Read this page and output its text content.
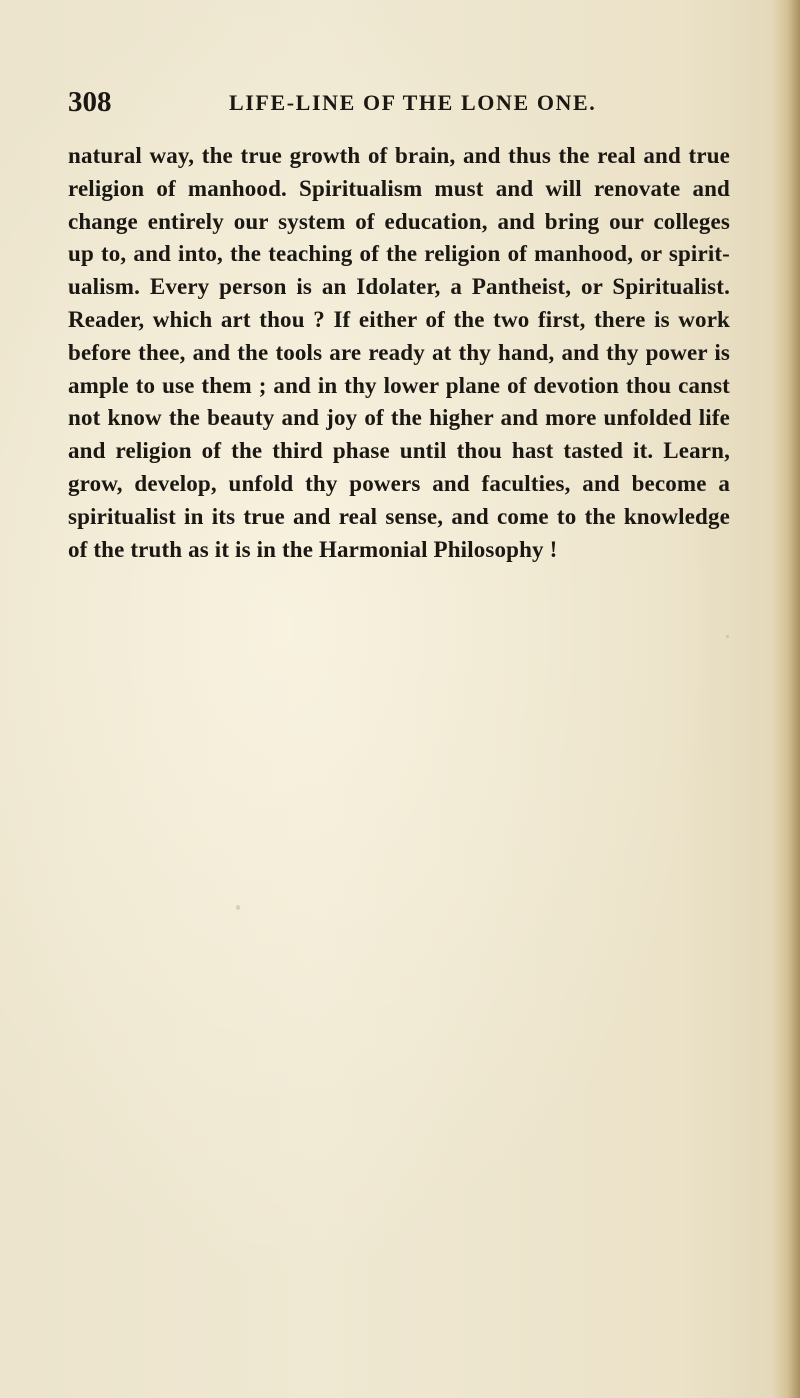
308	LIFE-LINE OF THE LONE ONE.
natural way, the true growth of brain, and thus the real and true
religion of manhood. Spiritualism must and will renovate and
change entirely our system of education, and bring our colleges
up to, and into, the teaching of the religion of manhood, or spirit-
ualism. Every person is an Idolater, a Pantheist, or Spiritualist.
Reader, which art thou ? If either of the two first, there is work
before thee, and the tools are ready at thy hand, and thy power is
ample to use them ; and in thy lower plane of devotion thou canst
not know the beauty and joy of the higher and more unfolded life
and religion of the third phase until thou hast tasted it. Learn,
grow, develop, unfold thy powers and faculties, and become a
spiritualist in its true and real sense, and come to the knowledge
of the truth as it is in the Harmonial Philosophy !
